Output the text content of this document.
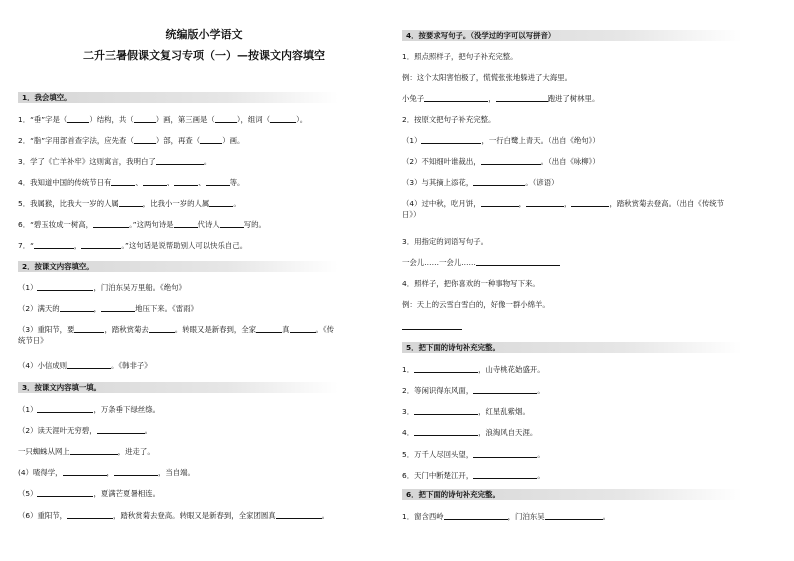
统编版小学语文
二升三暑假课文复习专项（一）—按课文内容填空
1．我会填空。
1．“垂”字是（	）结构，共（	）画，第三画是（	），组词（	）。
2．“脂”字用部首查字法，应先查（	）部，再查（	）画。
3．学了《亡羊补牢》这则寓言，我明白了	。
4．我知道中国的传统节日有	、	、	、	等。
5．我属猴，比我大一岁的人属	，比我小一岁的人属	。
6．“碧玉妆成一树高，	。”这两句诗是	代诗人	写的。
7．“	，	。”这句话是说帮助别人可以快乐自己。
2．按课文内容填空。
（1）	，门泊东吴万里船。《绝句》
（2）满天的	，	地压下来。《雷雨》
（3）重阳节，要	，踏秋赏菊去	。转眼又是新春到，全家	真	。《传
统节日》
（4）小信成则	。《韩非子》
3．按课文内容填一填。
（1）	，万条垂下绿丝绦。
（2）读天涯叶无穷碧，	。
一只蜘蛛从网上	，进走了。
(4）喳得学，	，	，当自端。
（5）	，夏满芒夏暑相连。
（6）重阳节，	，踏秋赏菊去登高。转眼又是新春到，全家团圆真	。
4．按要求写句子。（没学过的字可以写拼音）
1．照点照样子，把句子补充完整。
例：这个太阳害怕极了，慌慌张张地躲进了大海里。
小兔子	，	跑进了树林里。
2．按原文把句子补充完整。
（1）	，一行白鹭上青天。（出自《绝句》）
（2）不知细叶谁裁出，	。（出自《咏柳》）
（3）与其摘上添花，	。（谚语）
（4）过中秋，吃月饼，	，	，	，踏秋赏菊去登高。（出自《传统节
日》）
3．用指定的词语写句子。
一会儿……一会儿……
4．照样子，把你喜欢的一种事物写下来。
例：天上的云雪白雪白的，好像一群小绵羊。
5．把下面的诗句补充完整。
1．	，山寺桃花始盛开。
2．等闲识得东风面，	。
3．	，红星乱紫烟。
4．	，浪淘风自天涯。
5．万千人尽回头望，	。
6．天门中断楚江开，	。
6．把下面的诗句补充完整。
1．窗含西岭	，门泊东吴	。
